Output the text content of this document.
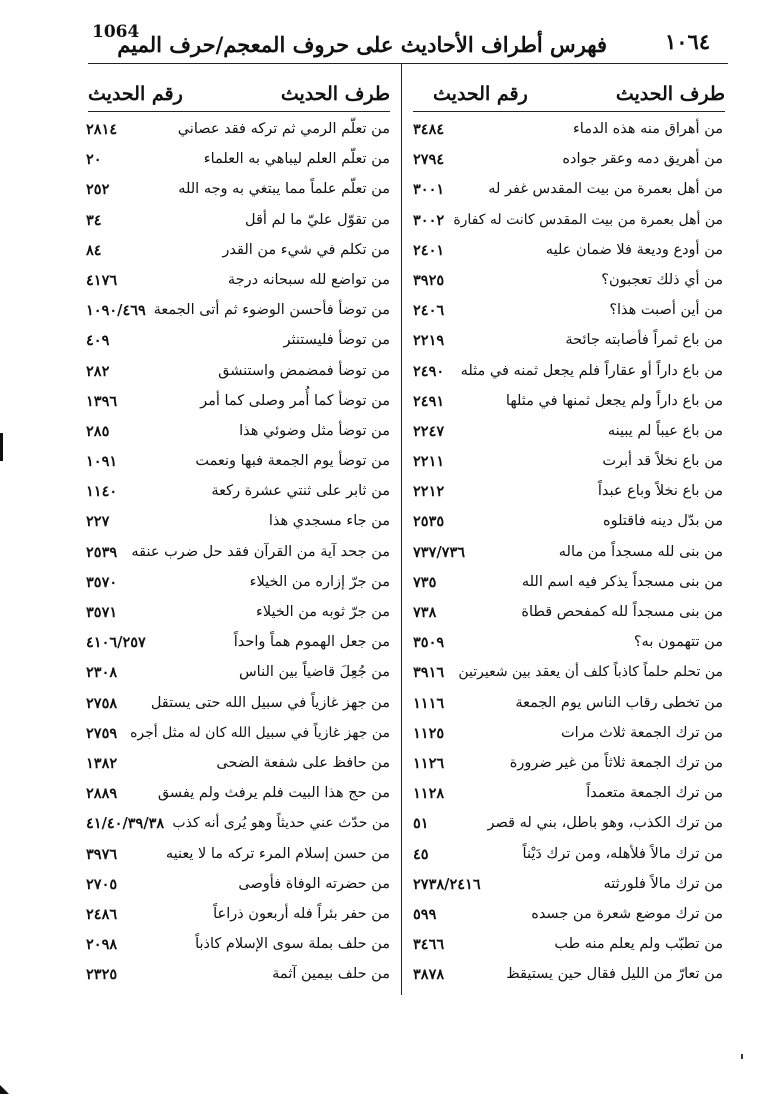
1064
فهرس أطراف الأحاديث على حروف المعجم/حرف الميم	١٠٦٤
طرف الحديث
رقم الحديث
طرف الحديث
رقم الحديث
من أهراق منه هذه الدماء
٣٤٨٤
من أهريق دمه وعقر جواده
٢٧٩٤
من أهل بعمرة من بيت المقدس غفر له
٣٠٠١
من أهل بعمرة من بيت المقدس كانت له كفارة
٣٠٠٢
من أودع وديعة فلا ضمان عليه
٢٤٠١
من أي ذلك تعجبون؟
٣٩٢٥
من أين أصبت هذا؟
٢٤٠٦
من باع ثمراً فأصابته جائحة
٢٢١٩
من باع داراً أو عقاراً فلم يجعل ثمنه في مثله
٢٤٩٠
من باع داراً ولم يجعل ثمنها في مثلها
٢٤٩١
من باع عيباً لم يبينه
٢٢٤٧
من باع نخلاً قد أبرت
٢٢١١
من باع نخلاً وباع عبداً
٢٢١٢
من بدّل دينه فاقتلوه
٢٥٣٥
من بنى لله مسجداً من ماله
٧٣٧/٧٣٦
من بنى مسجداً يذكر فيه اسم الله
٧٣٥
من بنى مسجداً لله كمفحص قطاة
٧٣٨
من تتهمون به؟
٣٥٠٩
من تحلم حلماً كاذباً كلف أن يعقد بين شعيرتين
٣٩١٦
من تخطى رقاب الناس يوم الجمعة
١١١٦
من ترك الجمعة ثلاث مرات
١١٢٥
من ترك الجمعة ثلاثاً من غير ضرورة
١١٢٦
من ترك الجمعة متعمداً
١١٢٨
من ترك الكذب، وهو باطل، بني له قصر
٥١
من ترك مالاً فلأهله، ومن ترك دَيْناً
٤٥
من ترك مالاً فلورثته
٢٧٣٨/٢٤١٦
من ترك موضع شعرة من جسده
٥٩٩
من تطبّب ولم يعلم منه طب
٣٤٦٦
من تعارّ من الليل فقال حين يستيقظ
٣٨٧٨
من تعلّم الرمي ثم تركه فقد عصاني
٢٨١٤
من تعلّم العلم ليباهي به العلماء
٢٠
من تعلّم علماً مما يبتغي به وجه الله
٢٥٢
من تقوّل عليّ ما لم أقل
٣٤
من تكلم في شيء من القدر
٨٤
من تواضع لله سبحانه درجة
٤١٧٦
من توضأ فأحسن الوضوء ثم أتى الجمعة
١٠٩٠/٤٦٩
من توضأ فليستنثر
٤٠٩
من توضأ فمضمض واستنشق
٢٨٢
من توضأ كما أُمر وصلى كما أمر
١٣٩٦
من توضأ مثل وضوئي هذا
٢٨٥
من توضأ يوم الجمعة فبها ونعمت
١٠٩١
من ثابر على ثنتي عشرة ركعة
١١٤٠
من جاء مسجدي هذا
٢٢٧
من جحد آية من القرآن فقد حل ضرب عنقه
٢٥٣٩
من جرّ إزاره من الخيلاء
٣٥٧٠
من جرّ ثوبه من الخيلاء
٣٥٧١
من جعل الهموم هماً واحداً
٤١٠٦/٢٥٧
من جُعِلَ قاضياً بين الناس
٢٣٠٨
من جهز غازياً في سبيل الله حتى يستقل
٢٧٥٨
من جهز غازياً في سبيل الله كان له مثل أجره
٢٧٥٩
من حافظ على شفعة الضحى
١٣٨٢
من حج هذا البيت فلم يرفث ولم يفسق
٢٨٨٩
من حدّث عني حديثاً وهو يُرى أنه كذب
٤١/٤٠/٣٩/٣٨
من حسن إسلام المرء تركه ما لا يعنيه
٣٩٧٦
من حضرته الوفاة فأوصى
٢٧٠٥
من حفر بئراً فله أربعون ذراعاً
٢٤٨٦
من حلف بملة سوى الإسلام كاذباً
٢٠٩٨
من حلف بيمين آثمة
٢٣٢٥
